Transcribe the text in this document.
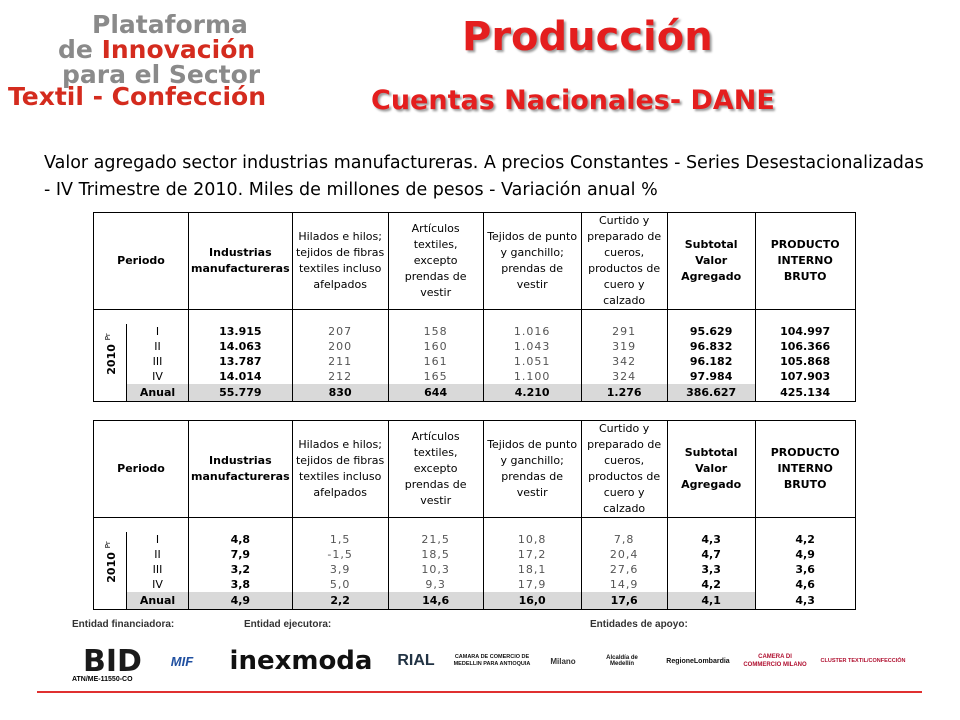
Plataforma
de Innovación
para el Sector
Textil - Confección
Producción
Cuentas Nacionales- DANE
Valor agregado sector industrias manufactureras. A precios Constantes - Series Desestacionalizadas - IV Trimestre de 2010. Miles de millones de pesos - Variación anual %
Periodo		Industrias manufactureras	Hilados e hilos; tejidos de fibras textiles incluso afelpados	Artículos textiles, excepto prendas de vestir	Tejidos de punto y ganchillo; prendas de vestir	Curtido y preparado de cueros, productos de cuero y calzado	Subtotal Valor Agregado	PRODUCTO INTERNO BRUTO

2010 $^{Pr}$	I	13.915	207	158	1.016	291	95.629	104.997
	II	14.063	200	160	1.043	319	96.832	106.366
	III	13.787	211	161	1.051	342	96.182	105.868
	IV	14.014	212	165	1.100	324	97.984	107.903
	Anual	55.779	830	644	4.210	1.276	386.627	425.134
Periodo		Industrias manufactureras	Hilados e hilos; tejidos de fibras textiles incluso afelpados	Artículos textiles, excepto prendas de vestir	Tejidos de punto y ganchillo; prendas de vestir	Curtido y preparado de cueros, productos de cuero y calzado	Subtotal Valor Agregado	PRODUCTO INTERNO BRUTO

2010 $^{Pr}$	I	4,8	1,5	21,5	10,8	7,8	4,3	4,2
	II	7,9	-1,5	18,5	17,2	20,4	4,7	4,9
	III	3,2	3,9	10,3	18,1	27,6	3,3	3,6
	IV	3,8	5,0	9,3	17,9	14,9	4,2	4,6
	Anual	4,9	2,2	14,6	16,0	17,6	4,1	4,3
Entidad financiadora:	Entidad ejecutora:	Entidades de apoyo:
BID	MIF	inexmoda	RIAL	CAMARA DE COMERCIO DE MEDELLIN PARA ANTIOQUIA	Milano	Alcaldía de Medellín	RegioneLombardia
CAMERA DI COMMERCIO MILANO
CLUSTER TEXTIL/CONFECCIÓN
ATN/ME-11550-CO
